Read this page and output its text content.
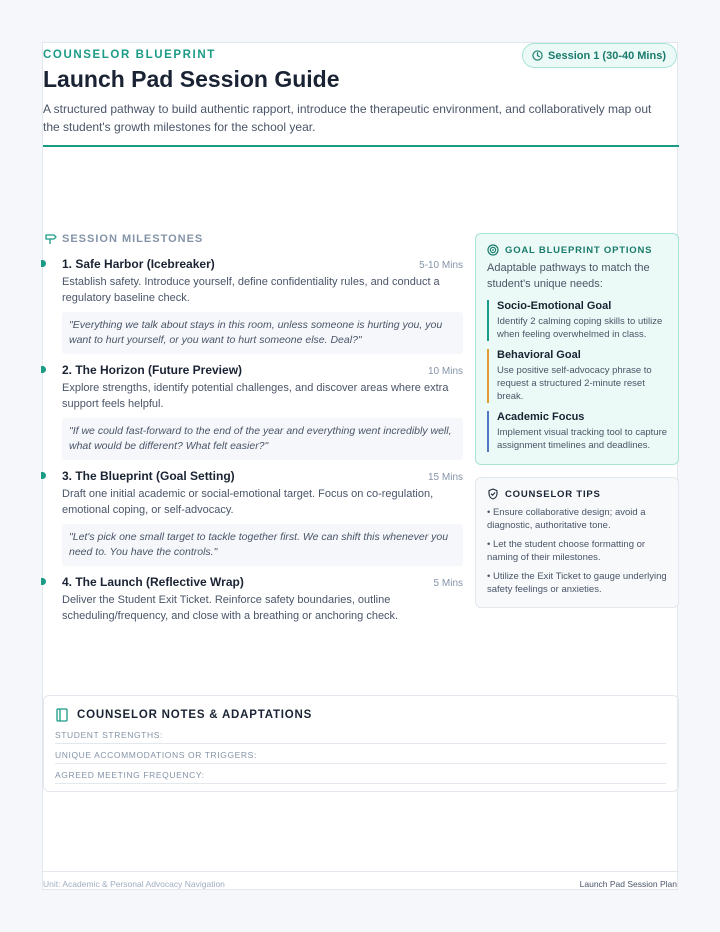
COUNSELOR BLUEPRINT	Session 1 (30-40 Mins)
Launch Pad Session Guide

A structured pathway to build authentic rapport, introduce the therapeutic environment, and collaboratively map out the student's growth milestones for the school year.

SESSION MILESTONES
1. Safe Harbor (Icebreaker)	5-10 Mins
Establish safety. Introduce yourself, define confidentiality rules, and conduct a regulatory baseline check.
"Everything we talk about stays in this room, unless someone is hurting you, you want to hurt yourself, or you want to hurt someone else. Deal?"
2. The Horizon (Future Preview)	10 Mins
Explore strengths, identify potential challenges, and discover areas where extra support feels helpful.
"If we could fast-forward to the end of the year and everything went incredibly well, what would be different? What felt easier?"
3. The Blueprint (Goal Setting)	15 Mins
Draft one initial academic or social-emotional target. Focus on co-regulation, emotional coping, or self-advocacy.
"Let's pick one small target to tackle together first. We can shift this whenever you need to. You have the controls."
4. The Launch (Reflective Wrap)	5 Mins
Deliver the Student Exit Ticket. Reinforce safety boundaries, outline scheduling/frequency, and close with a breathing or anchoring check.
GOAL BLUEPRINT OPTIONS
Adaptable pathways to match the student's unique needs:
Socio-Emotional Goal
Identify 2 calming coping skills to utilize when feeling overwhelmed in class.
Behavioral Goal
Use positive self-advocacy phrase to request a structured 2-minute reset break.
Academic Focus
Implement visual tracking tool to capture assignment timelines and deadlines.
COUNSELOR TIPS
• Ensure collaborative design; avoid a diagnostic, authoritative tone.
• Let the student choose formatting or naming of their milestones.
• Utilize the Exit Ticket to gauge underlying safety feelings or anxieties.
COUNSELOR NOTES & ADAPTATIONS
STUDENT STRENGTHS:
UNIQUE ACCOMMODATIONS OR TRIGGERS:
AGREED MEETING FREQUENCY:
Unit: Academic & Personal Advocacy Navigation	Launch Pad Session Plan
